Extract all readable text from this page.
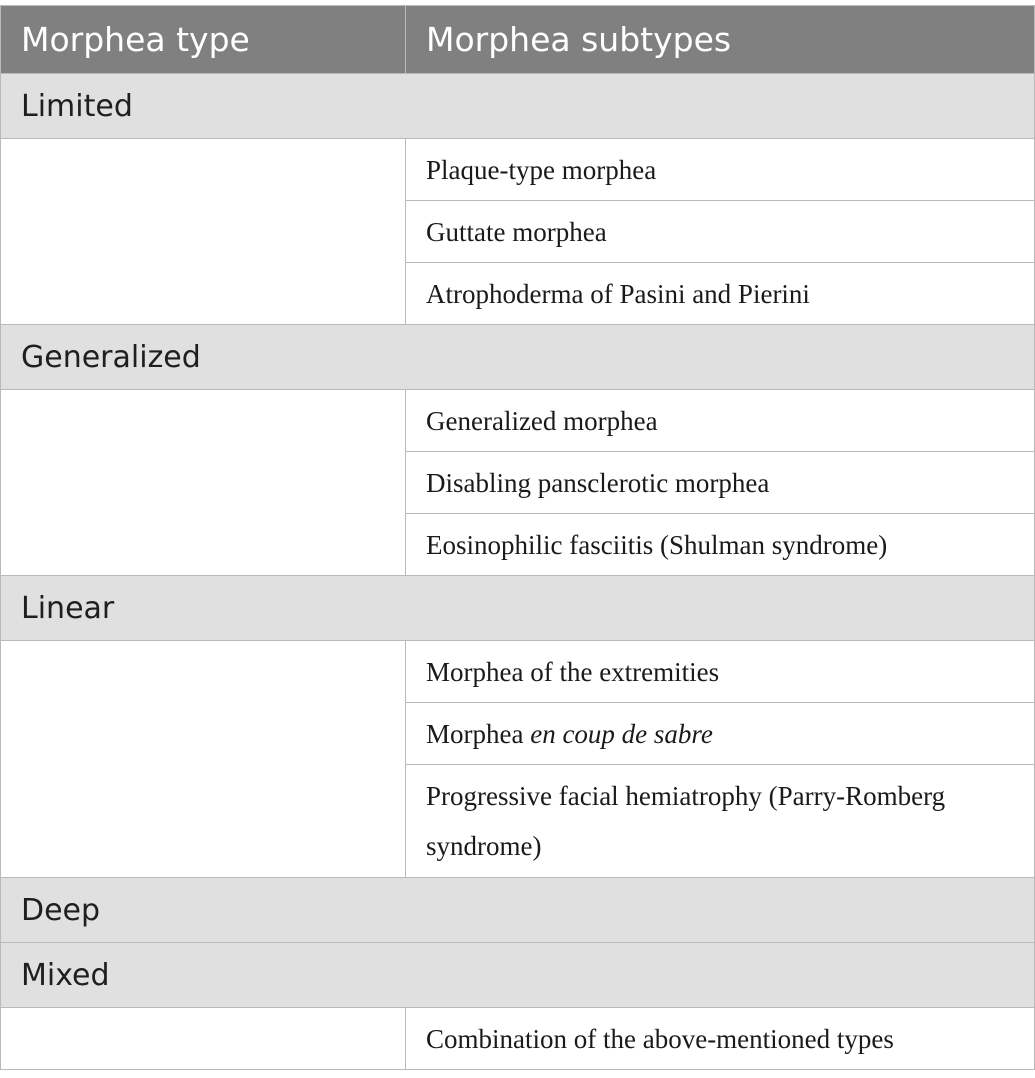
Morphea type	Morphea subtypes
Limited	
	Plaque-type morphea
	Guttate morphea
	Atrophoderma of Pasini and Pierini
Generalized	
	Generalized morphea
	Disabling pansclerotic morphea
	Eosinophilic fasciitis (Shulman syndrome)
Linear	
	Morphea of the extremities
	Morphea en coup de sabre
	Progressive facial hemiatrophy (Parry-Romberg syndrome)
Deep	
Mixed	
	Combination of the above-mentioned types
